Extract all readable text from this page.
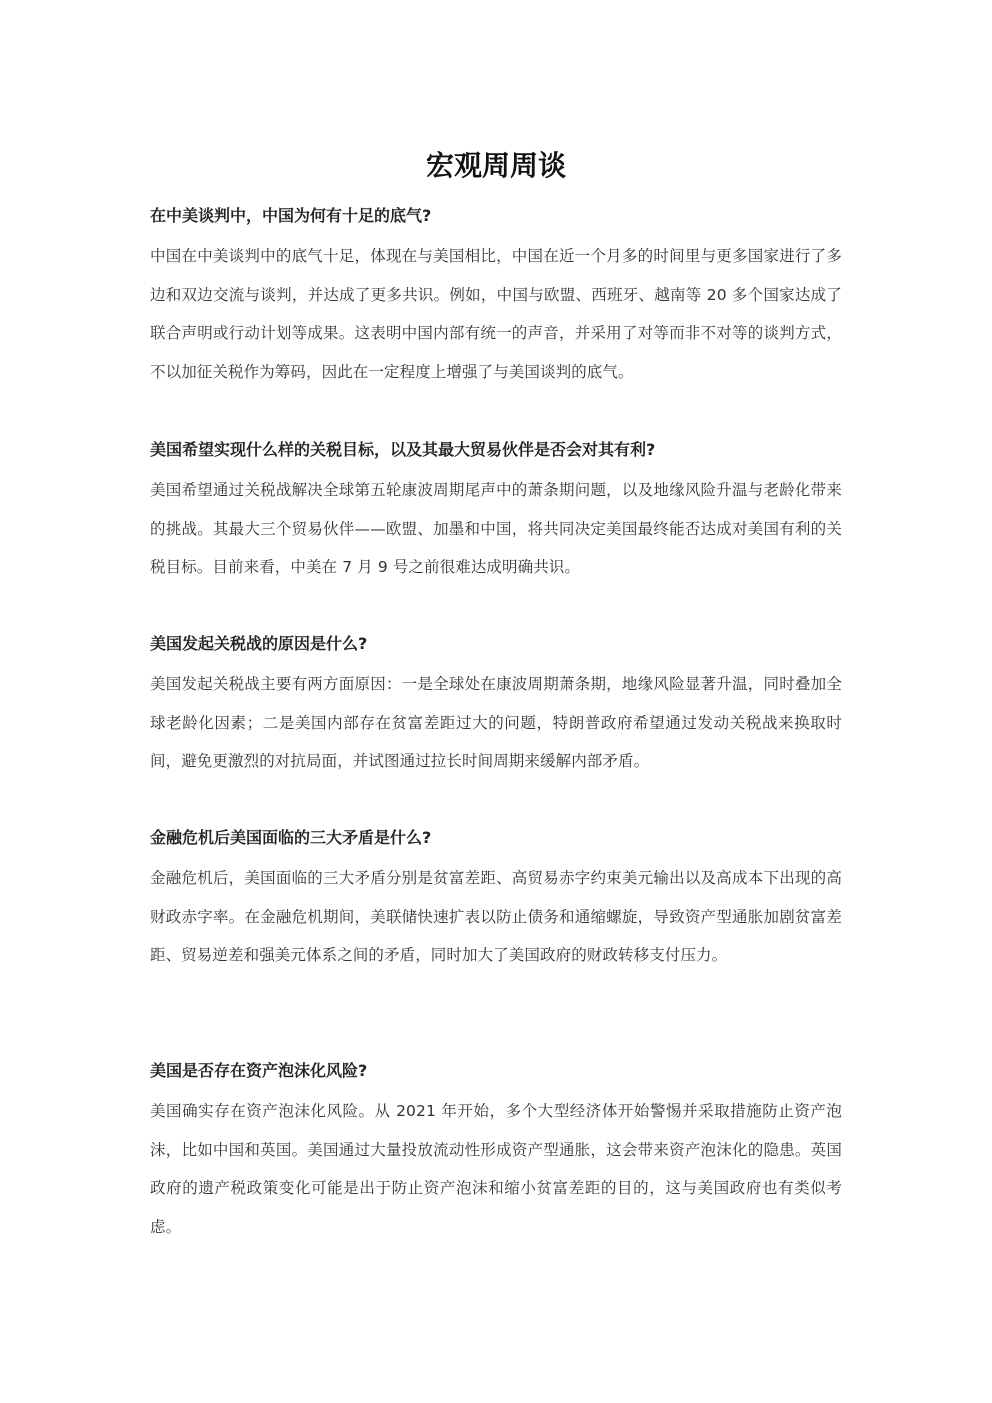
宏观周周谈

在中美谈判中，中国为何有十足的底气?

中国在中美谈判中的底气十足，体现在与美国相比，中国在近一个月多的时间里与更多国家进行了多边和双边交流与谈判，并达成了更多共识。例如，中国与欧盟、西班牙、越南等 20 多个国家达成了联合声明或行动计划等成果。这表明中国内部有统一的声音，并采用了对等而非不对等的谈判方式，不以加征关税作为筹码，因此在一定程度上增强了与美国谈判的底气。

美国希望实现什么样的关税目标，以及其最大贸易伙伴是否会对其有利?

美国希望通过关税战解决全球第五轮康波周期尾声中的萧条期问题，以及地缘风险升温与老龄化带来的挑战。其最大三个贸易伙伴——欧盟、加墨和中国，将共同决定美国最终能否达成对美国有利的关税目标。目前来看，中美在 7 月 9 号之前很难达成明确共识。

美国发起关税战的原因是什么?

美国发起关税战主要有两方面原因：一是全球处在康波周期萧条期，地缘风险显著升温，同时叠加全球老龄化因素；二是美国内部存在贫富差距过大的问题，特朗普政府希望通过发动关税战来换取时间，避免更激烈的对抗局面，并试图通过拉长时间周期来缓解内部矛盾。

金融危机后美国面临的三大矛盾是什么?

金融危机后，美国面临的三大矛盾分别是贫富差距、高贸易赤字约束美元输出以及高成本下出现的高财政赤字率。在金融危机期间，美联储快速扩表以防止债务和通缩螺旋，导致资产型通胀加剧贫富差距、贸易逆差和强美元体系之间的矛盾，同时加大了美国政府的财政转移支付压力。

美国是否存在资产泡沫化风险?

美国确实存在资产泡沫化风险。从 2021 年开始，多个大型经济体开始警惕并采取措施防止资产泡沫，比如中国和英国。美国通过大量投放流动性形成资产型通胀，这会带来资产泡沫化的隐患。英国政府的遗产税政策变化可能是出于防止资产泡沫和缩小贫富差距的目的，这与美国政府也有类似考虑。
